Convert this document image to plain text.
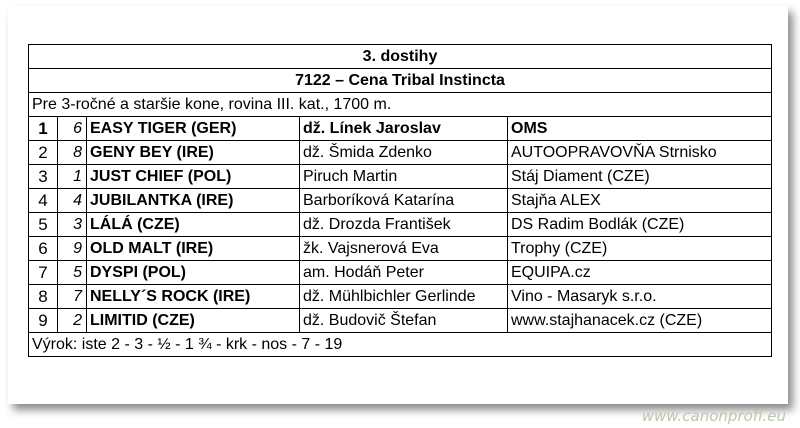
3. dostihy				
7122 – Cena Tribal Instincta				
Pre 3-ročné a staršie kone, rovina III. kat., 1700 m.				
1	6	EASY TIGER (GER)	dž. Línek Jaroslav	OMS
2	8	GENY BEY (IRE)	dž. Šmida Zdenko	AUTOOPRAVOVŇA Strnisko
3	1	JUST CHIEF (POL)	Piruch Martin	Stáj Diament (CZE)
4	4	JUBILANTKA (IRE)	Barboríková Katarína	Stajňa ALEX
5	3	LÁLÁ (CZE)	dž. Drozda František	DS Radim Bodlák (CZE)
6	9	OLD MALT (IRE)	žk. Vajsnerová Eva	Trophy (CZE)
7	5	DYSPI (POL)	am. Hodáň Peter	EQUIPA.cz
8	7	NELLY´S ROCK (IRE)	dž. Mühlbichler Gerlinde	Vino - Masaryk s.r.o.
9	2	LIMITID (CZE)	dž. Budovič Štefan	www.stajhanacek.cz (CZE)
Výrok: iste 2 - 3 - ½ - 1 ¾ - krk - nos - 7 - 19				
www.canonprofi.eu
